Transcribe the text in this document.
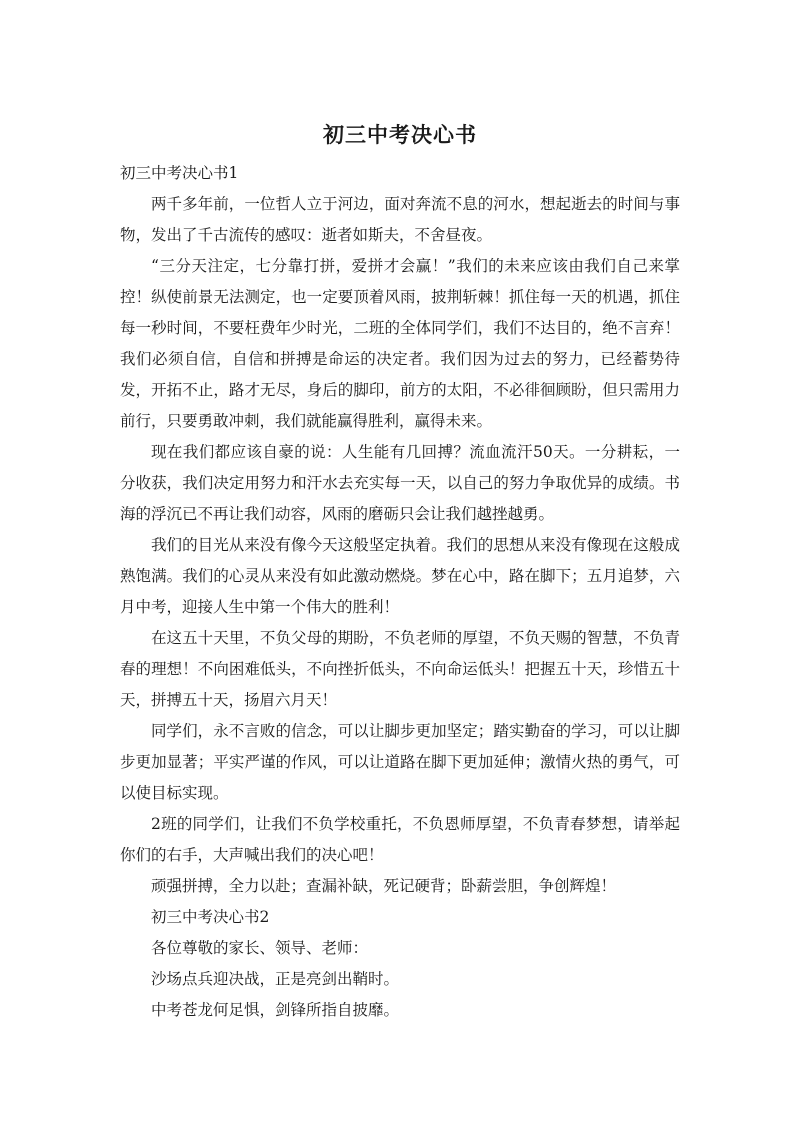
初三中考决心书

初三中考决心书1

两千多年前，一位哲人立于河边，面对奔流不息的河水，想起逝去的时间与事物，发出了千古流传的感叹：逝者如斯夫，不舍昼夜。

“三分天注定，七分靠打拼，爱拼才会赢！”我们的未来应该由我们自己来掌控！纵使前景无法测定，也一定要顶着风雨，披荆斩棘！抓住每一天的机遇，抓住每一秒时间，不要枉费年少时光，二班的全体同学们，我们不达目的，绝不言弃！我们必须自信，自信和拼搏是命运的决定者。我们因为过去的努力，已经蓄势待发，开拓不止，路才无尽，身后的脚印，前方的太阳，不必徘徊顾盼，但只需用力前行，只要勇敢冲刺，我们就能赢得胜利，赢得未来。

现在我们都应该自豪的说：人生能有几回搏？流血流汗50天。一分耕耘，一分收获，我们决定用努力和汗水去充实每一天，以自己的努力争取优异的成绩。书海的浮沉已不再让我们动容，风雨的磨砺只会让我们越挫越勇。

我们的目光从来没有像今天这般坚定执着。我们的思想从来没有像现在这般成熟饱满。我们的心灵从来没有如此激动燃烧。梦在心中，路在脚下；五月追梦，六月中考，迎接人生中第一个伟大的胜利！

在这五十天里，不负父母的期盼，不负老师的厚望，不负天赐的智慧，不负青春的理想！不向困难低头，不向挫折低头，不向命运低头！把握五十天，珍惜五十天，拼搏五十天，扬眉六月天！

同学们，永不言败的信念，可以让脚步更加坚定；踏实勤奋的学习，可以让脚步更加显著；平实严谨的作风，可以让道路在脚下更加延伸；激情火热的勇气，可以使目标实现。

2班的同学们，让我们不负学校重托，不负恩师厚望，不负青春梦想，请举起你们的右手，大声喊出我们的决心吧！

顽强拼搏，全力以赴；查漏补缺，死记硬背；卧薪尝胆，争创辉煌！

初三中考决心书2

各位尊敬的家长、领导、老师：

沙场点兵迎决战，正是亮剑出鞘时。

中考苍龙何足惧，剑锋所指自披靡。
